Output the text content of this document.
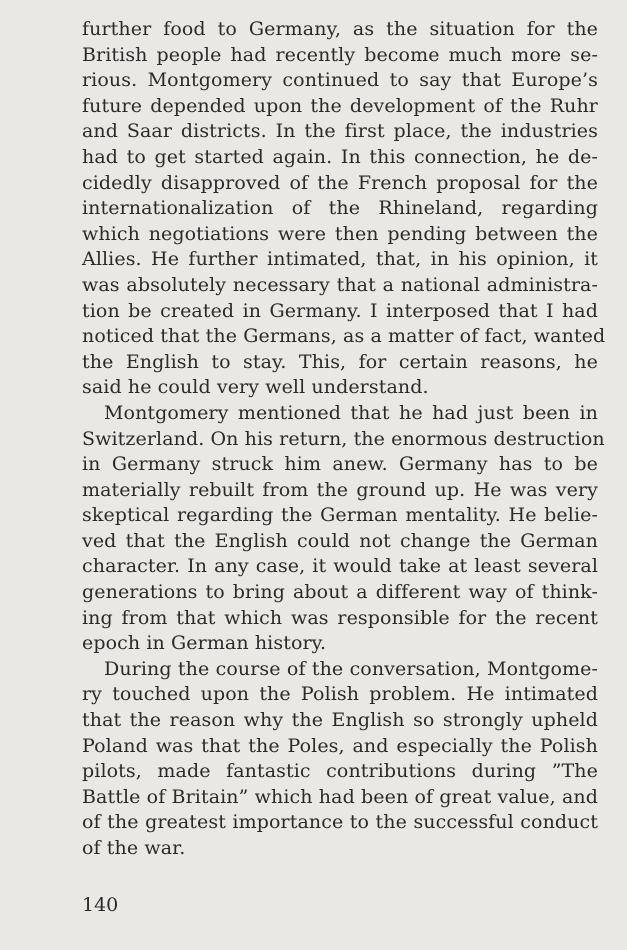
further food to Germany, as the situation for the
British people had recently become much more se-
rious. Montgomery continued to say that Europe’s
future depended upon the development of the Ruhr
and Saar districts. In the first place, the industries
had to get started again. In this connection, he de-
cidedly disapproved of the French proposal for the
internationalization of the Rhineland, regarding
which negotiations were then pending between the
Allies. He further intimated, that, in his opinion, it
was absolutely necessary that a national administra-
tion be created in Germany. I interposed that I had
noticed that the Germans, as a matter of fact, wanted
the English to stay. This, for certain reasons, he
said he could very well understand.
Montgomery mentioned that he had just been in
Switzerland. On his return, the enormous destruction
in Germany struck him anew. Germany has to be
materially rebuilt from the ground up. He was very
skeptical regarding the German mentality. He belie-
ved that the English could not change the German
character. In any case, it would take at least several
generations to bring about a different way of think-
ing from that which was responsible for the recent
epoch in German history.
During the course of the conversation, Montgome-
ry touched upon the Polish problem. He intimated
that the reason why the English so strongly upheld
Poland was that the Poles, and especially the Polish
pilots, made fantastic contributions during ”The
Battle of Britain” which had been of great value, and
of the greatest importance to the successful conduct
of the war.
140
